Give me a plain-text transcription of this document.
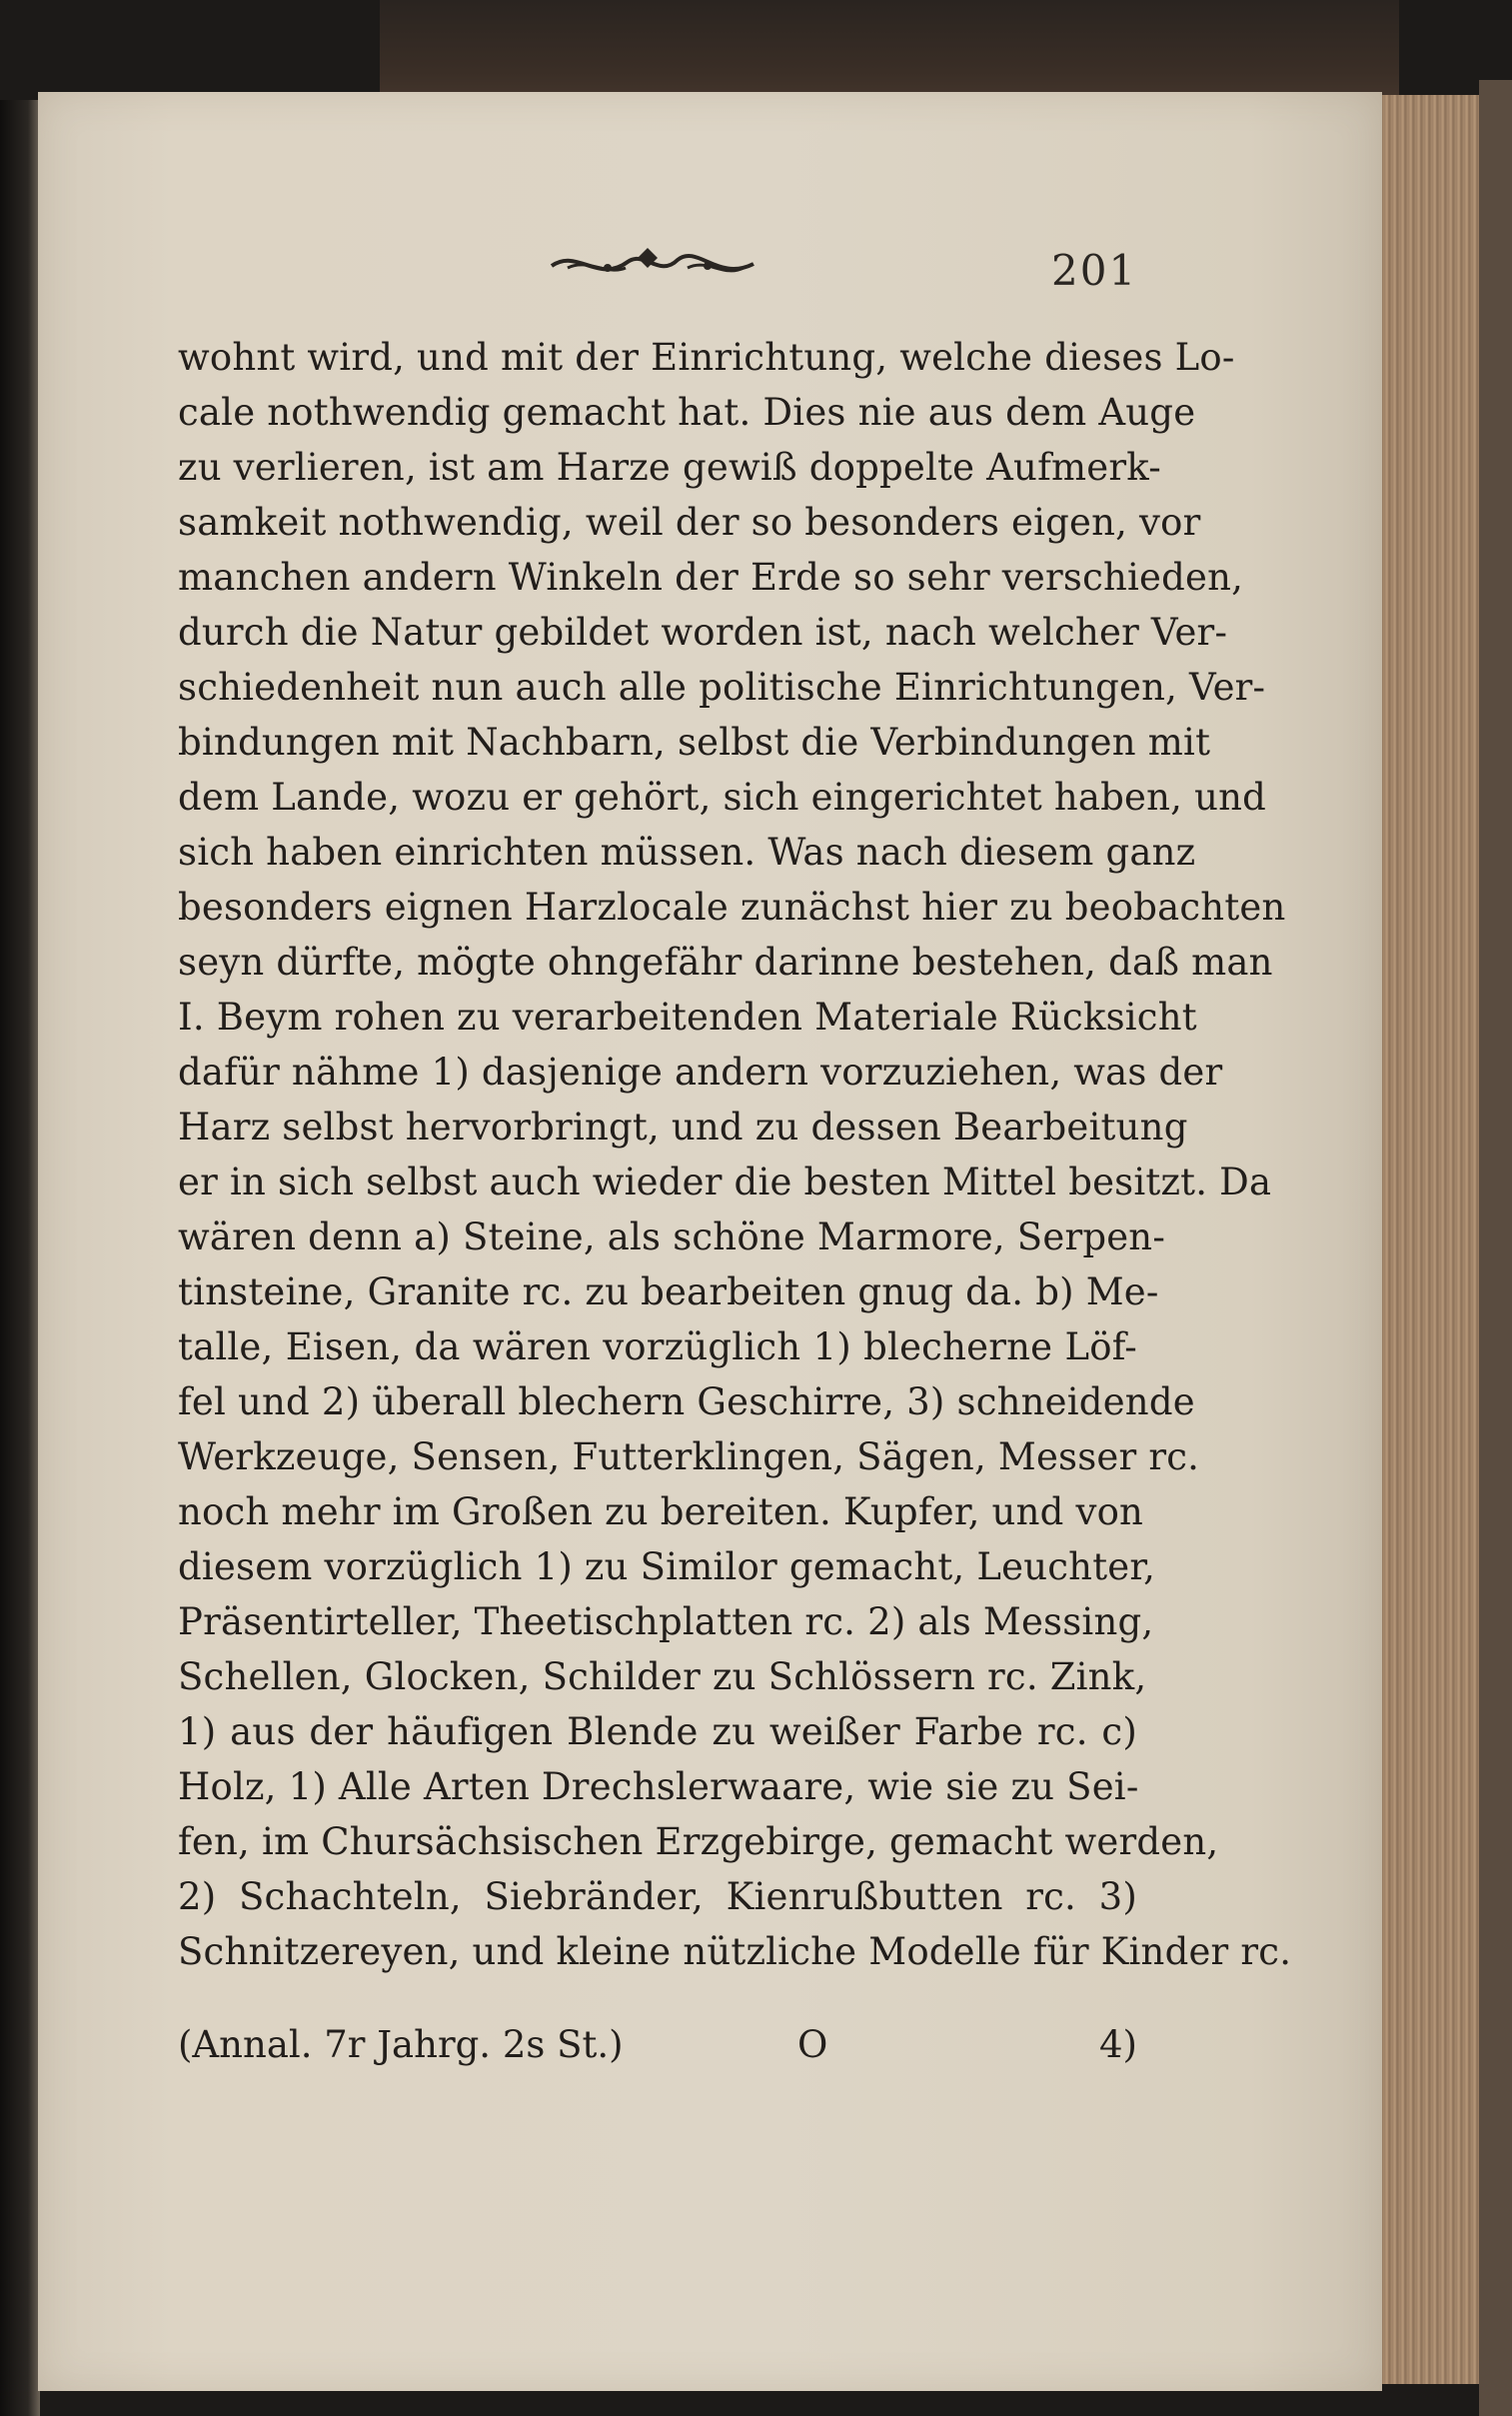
201
wohnt wird, und mit der Einrichtung, welche dieses Lo-
cale nothwendig gemacht hat. Dies nie aus dem Auge
zu verlieren, ist am Harze gewiß doppelte Aufmerk-
samkeit nothwendig, weil der so besonders eigen, vor
manchen andern Winkeln der Erde so sehr verschieden,
durch die Natur gebildet worden ist, nach welcher Ver-
schiedenheit nun auch alle politische Einrichtungen, Ver-
bindungen mit Nachbarn, selbst die Verbindungen mit
dem Lande, wozu er gehört, sich eingerichtet haben, und
sich haben einrichten müssen. Was nach diesem ganz
besonders eignen Harzlocale zunächst hier zu beobachten
seyn dürfte, mögte ohngefähr darinne bestehen, daß man
I. Beym rohen zu verarbeitenden Materiale Rücksicht
dafür nähme 1) dasjenige andern vorzuziehen, was der
Harz selbst hervorbringt, und zu dessen Bearbeitung
er in sich selbst auch wieder die besten Mittel besitzt. Da
wären denn a) Steine, als schöne Marmore, Serpen-
tinsteine, Granite rc. zu bearbeiten gnug da. b) Me-
talle, Eisen, da wären vorzüglich 1) blecherne Löf-
fel und 2) überall blechern Geschirre, 3) schneidende
Werkzeuge, Sensen, Futterklingen, Sägen, Messer rc.
noch mehr im Großen zu bereiten. Kupfer, und von
diesem vorzüglich 1) zu Similor gemacht, Leuchter,
Präsentirteller, Theetischplatten rc. 2) als Messing,
Schellen, Glocken, Schilder zu Schlössern rc. Zink,
1) aus der häufigen Blende zu weißer Farbe rc. c)
Holz, 1) Alle Arten Drechslerwaare, wie sie zu Sei-
fen, im Chursächsischen Erzgebirge, gemacht werden,
2) Schachteln, Siebränder, Kienrußbutten rc. 3)
Schnitzereyen, und kleine nützliche Modelle für Kinder rc.
(Annal. 7r Jahrg. 2s St.)	O	4)
